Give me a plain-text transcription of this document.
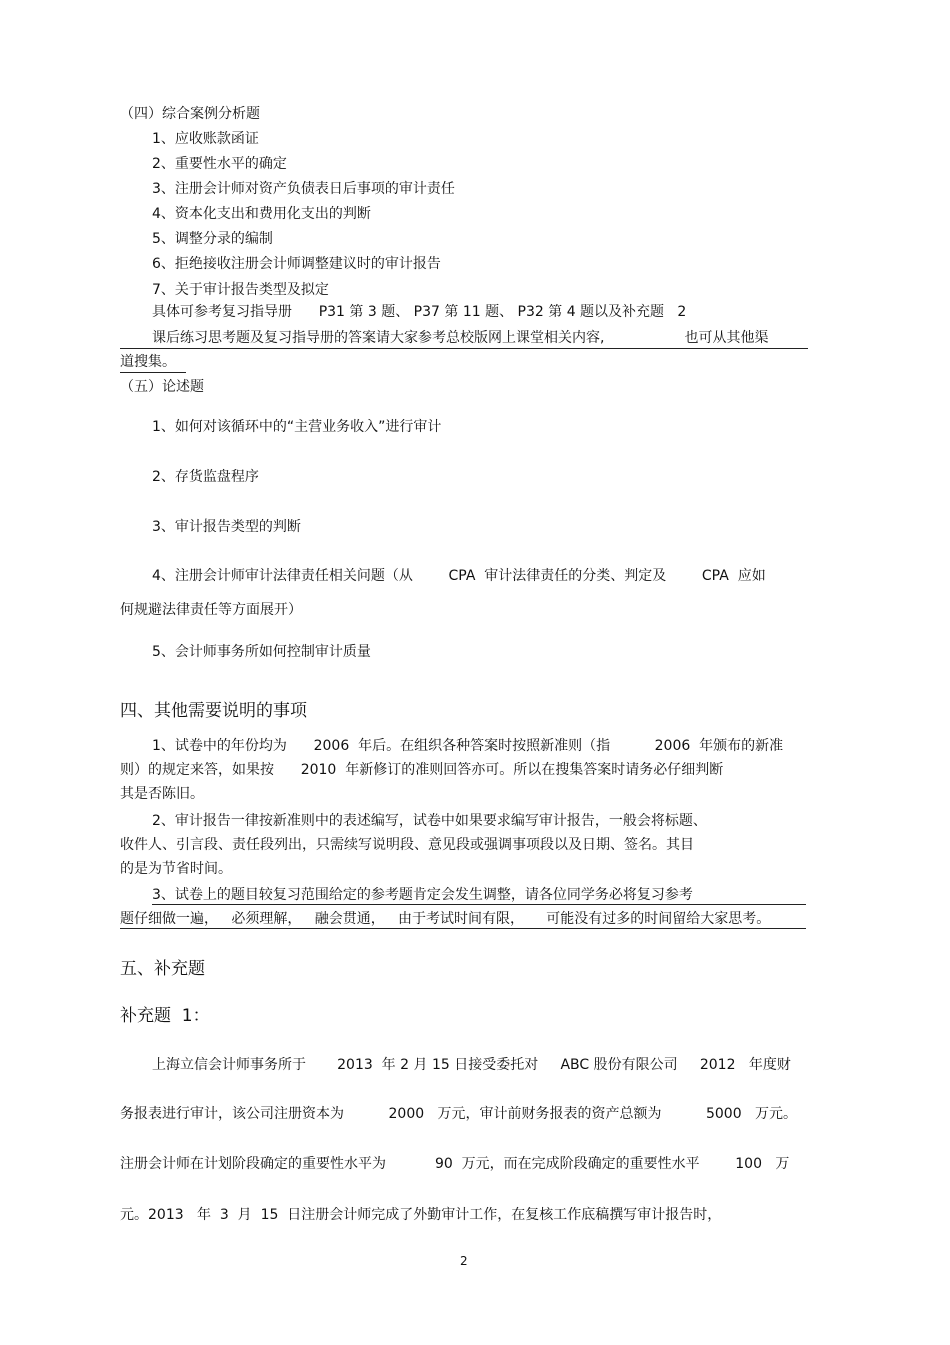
（四）综合案例分析题
1、应收账款函证
2、重要性水平的确定
3、注册会计师对资产负债表日后事项的审计责任
4、资本化支出和费用化支出的判断
5、调整分录的编制
6、拒绝接收注册会计师调整建议时的审计报告
7、关于审计报告类型及拟定
具体可参考复习指导册      P31 第 3 题、 P37 第 11 题、 P32 第 4 题以及补充题   2
课后练习思考题及复习指导册的答案请大家参考总校版网上课堂相关内容,                  也可从其他渠
道搜集。
（五）论述题
1、如何对该循环中的“主营业务收入”进行审计
2、存货监盘程序
3、审计报告类型的判断
4、注册会计师审计法律责任相关问题（从        CPA  审计法律责任的分类、判定及        CPA  应如
何规避法律责任等方面展开）
5、会计师事务所如何控制审计质量
四、其他需要说明的事项
1、试卷中的年份均为      2006  年后。在组织各种答案时按照新准则（指          2006  年颁布的新准
则）的规定来答，如果按      2010  年新修订的准则回答亦可。所以在搜集答案时请务必仔细判断
其是否陈旧。
2、审计报告一律按新准则中的表述编写，试卷中如果要求编写审计报告，一般会将标题、
收件人、引言段、责任段列出，只需续写说明段、意见段或强调事项段以及日期、签名。其目
的是为节省时间。
3、试卷上的题目较复习范围给定的参考题肯定会发生调整，请各位同学务必将复习参考
题仔细做一遍，   必须理解，   融会贯通，   由于考试时间有限，     可能没有过多的时间留给大家思考。
五、补充题
补充题  1：
上海立信会计师事务所于       2013  年 2 月 15 日接受委托对     ABC 股份有限公司     2012   年度财
务报表进行审计，该公司注册资本为          2000   万元，审计前财务报表的资产总额为          5000   万元。
注册会计师在计划阶段确定的重要性水平为           90  万元，而在完成阶段确定的重要性水平        100   万
元。2013   年  3  月  15  日注册会计师完成了外勤审计工作，在复核工作底稿撰写审计报告时，
2
